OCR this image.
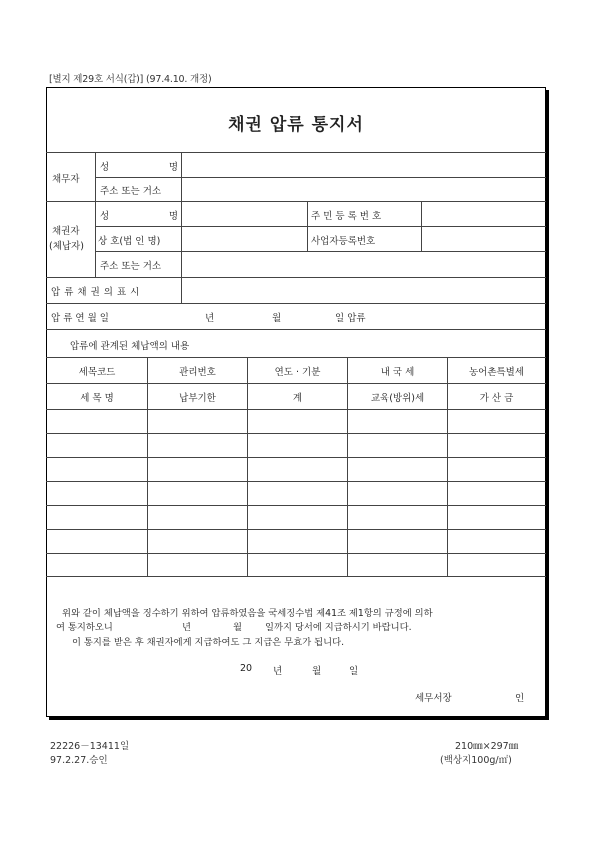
[별지 제29호 서식(갑)] (97.4.10. 개정)
채권 압류 통지서
채무자
성	명
주소 또는 거소
채권자
(체납자)
성	명	주 민 등 록 번 호
상 호(법 인 명)	사업자등록번호
주소 또는 거소
압 류 채 권 의 표 시
압 류 연 월 일	년	월	일 압류
압류에 관계된 체납액의 내용
세목코드	관리번호	연도 · 기분	내 국 세	농어촌특별세
세 목 명	납부기한	계	교육(방위)세	가 산 금
위와 같이 체납액을 징수하기 위하여 압류하였음을 국세징수법 제41조 제1항의 규정에 의하
여 통지하오니	년	월 일까지 당서에 지급하시기 바랍니다.
이 통지를 받은 후 채권자에게 지급하여도 그 지급은 무효가 됩니다.
20 년	월	일
세무서장	인
22226－13411일
97.2.27.승인
210㎜×297㎜
(백상지100g/㎡)
